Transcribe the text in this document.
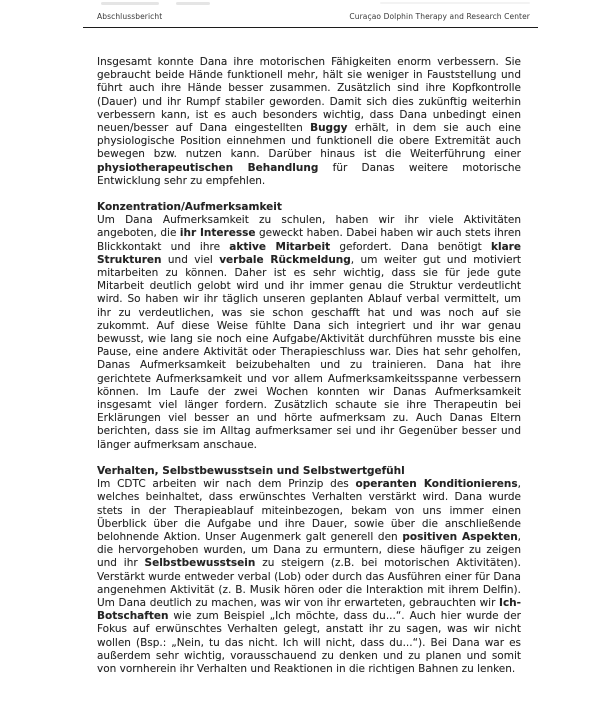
Abschlussbericht	Curaçao Dolphin Therapy and Research Center

Insgesamt konnte Dana ihre motorischen Fähigkeiten enorm verbessern. Sie gebraucht beide Hände funktionell mehr, hält sie weniger in Fauststellung und führt auch ihre Hände besser zusammen. Zusätzlich sind ihre Kopfkontrolle (Dauer) und ihr Rumpf stabiler geworden. Damit sich dies zukünftig weiterhin verbessern kann, ist es auch besonders wichtig, dass Dana unbedingt einen neuen/besser auf Dana eingestellten Buggy erhält, in dem sie auch eine physiologische Position einnehmen und funktionell die obere Extremität auch bewegen bzw. nutzen kann. Darüber hinaus ist die Weiterführung einer physiotherapeutischen Behandlung für Danas weitere motorische Entwicklung sehr zu empfehlen.

Konzentration/Aufmerksamkeit

Um Dana Aufmerksamkeit zu schulen, haben wir ihr viele Aktivitäten angeboten, die ihr Interesse geweckt haben. Dabei haben wir auch stets ihren Blickkontakt und ihre aktive Mitarbeit gefordert. Dana benötigt klare Strukturen und viel verbale Rückmeldung, um weiter gut und motiviert mitarbeiten zu können. Daher ist es sehr wichtig, dass sie für jede gute Mitarbeit deutlich gelobt wird und ihr immer genau die Struktur verdeutlicht wird. So haben wir ihr täglich unseren geplanten Ablauf verbal vermittelt, um ihr zu verdeutlichen, was sie schon geschafft hat und was noch auf sie zukommt. Auf diese Weise fühlte Dana sich integriert und ihr war genau bewusst, wie lang sie noch eine Aufgabe/Aktivität durchführen musste bis eine Pause, eine andere Aktivität oder Therapieschluss war. Dies hat sehr geholfen, Danas Aufmerksamkeit beizubehalten und zu trainieren. Dana hat ihre gerichtete Aufmerksamkeit und vor allem Aufmerksamkeitsspanne verbessern können. Im Laufe der zwei Wochen konnten wir Danas Aufmerksamkeit insgesamt viel länger fordern. Zusätzlich schaute sie ihre Therapeutin bei Erklärungen viel besser an und hörte aufmerksam zu. Auch Danas Eltern berichten, dass sie im Alltag aufmerksamer sei und ihr Gegenüber besser und länger aufmerksam anschaue.

Verhalten, Selbstbewusstsein und Selbstwertgefühl

Im CDTC arbeiten wir nach dem Prinzip des operanten Konditionierens, welches beinhaltet, dass erwünschtes Verhalten verstärkt wird. Dana wurde stets in der Therapieablauf miteinbezogen, bekam von uns immer einen Überblick über die Aufgabe und ihre Dauer, sowie über die anschließende belohnende Aktion. Unser Augenmerk galt generell den positiven Aspekten, die hervorgehoben wurden, um Dana zu ermuntern, diese häufiger zu zeigen und ihr Selbstbewusstsein zu steigern (z.B. bei motorischen Aktivitäten). Verstärkt wurde entweder verbal (Lob) oder durch das Ausführen einer für Dana angenehmen Aktivität (z. B. Musik hören oder die Interaktion mit ihrem Delfin). Um Dana deutlich zu machen, was wir von ihr erwarteten, gebrauchten wir Ich- Botschaften wie zum Beispiel „Ich möchte, dass du...“. Auch hier wurde der Fokus auf erwünschtes Verhalten gelegt, anstatt ihr zu sagen, was wir nicht wollen (Bsp.: „Nein, tu das nicht. Ich will nicht, dass du...“). Bei Dana war es außerdem sehr wichtig, vorausschauend zu denken und zu planen und somit von vornherein ihr Verhalten und Reaktionen in die richtigen Bahnen zu lenken.
